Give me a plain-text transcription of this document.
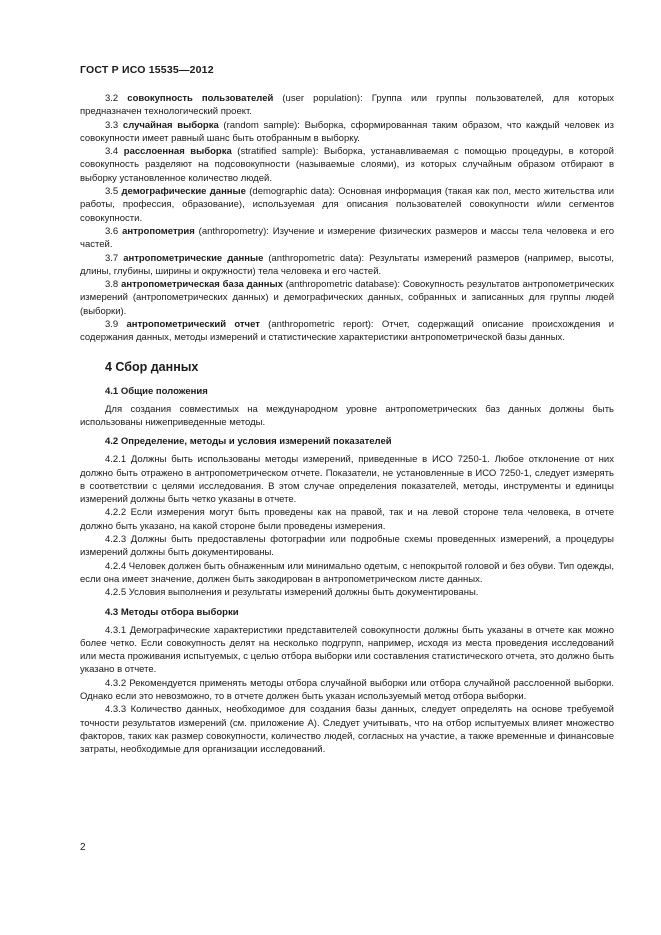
ГОСТ Р ИСО 15535—2012

3.2 совокупность пользователей (user population): Группа или группы пользователей, для которых предназначен технологический проект.

3.3 случайная выборка (random sample): Выборка, сформированная таким образом, что каждый человек из совокупности имеет равный шанс быть отобранным в выборку.

3.4 расслоенная выборка (stratified sample): Выборка, устанавливаемая с помощью процедуры, в которой совокупность разделяют на подсовокупности (называемые слоями), из которых случайным образом отбирают в выборку установленное количество людей.

3.5 демографические данные (demographic data): Основная информация (такая как пол, место жительства или работы, профессия, образование), используемая для описания пользователей совокупности и/или сегментов совокупности.

3.6 антропометрия (anthropometry): Изучение и измерение физических размеров и массы тела человека и его частей.

3.7 антропометрические данные (anthropometric data): Результаты измерений размеров (например, высоты, длины, глубины, ширины и окружности) тела человека и его частей.

3.8 антропометрическая база данных (anthropometric database): Совокупность результатов антропометрических измерений (антропометрических данных) и демографических данных, собранных и записанных для группы людей (выборки).

3.9 антропометрический отчет (anthropometric report): Отчет, содержащий описание происхождения и содержания данных, методы измерений и статистические характеристики антропометрической базы данных.

4 Сбор данных
4.1 Общие положения

Для создания совместимых на международном уровне антропометрических баз данных должны быть использованы нижеприведенные методы.

4.2 Определение, методы и условия измерений показателей

4.2.1 Должны быть использованы методы измерений, приведенные в ИСО 7250-1. Любое отклонение от них должно быть отражено в антропометрическом отчете. Показатели, не установленные в ИСО 7250-1, следует измерять в соответствии с целями исследования. В этом случае определения показателей, методы, инструменты и единицы измерений должны быть четко указаны в отчете.

4.2.2 Если измерения могут быть проведены как на правой, так и на левой стороне тела человека, в отчете должно быть указано, на какой стороне были проведены измерения.

4.2.3 Должны быть предоставлены фотографии или подробные схемы проведенных измерений, а процедуры измерений должны быть документированы.

4.2.4 Человек должен быть обнаженным или минимально одетым, с непокрытой головой и без обуви. Тип одежды, если она имеет значение, должен быть закодирован в антропометрическом листе данных.

4.2.5 Условия выполнения и результаты измерений должны быть документированы.

4.3 Методы отбора выборки

4.3.1 Демографические характеристики представителей совокупности должны быть указаны в отчете как можно более четко. Если совокупность делят на несколько подгрупп, например, исходя из места проведения исследований или места проживания испытуемых, с целью отбора выборки или составления статистического отчета, это должно быть указано в отчете.

4.3.2 Рекомендуется применять методы отбора случайной выборки или отбора случайной расслоенной выборки. Однако если это невозможно, то в отчете должен быть указан используемый метод отбора выборки.

4.3.3 Количество данных, необходимое для создания базы данных, следует определять на основе требуемой точности результатов измерений (см. приложение А). Следует учитывать, что на отбор испытуемых влияет множество факторов, таких как размер совокупности, количество людей, согласных на участие, а также временные и финансовые затраты, необходимые для организации исследований.

2
